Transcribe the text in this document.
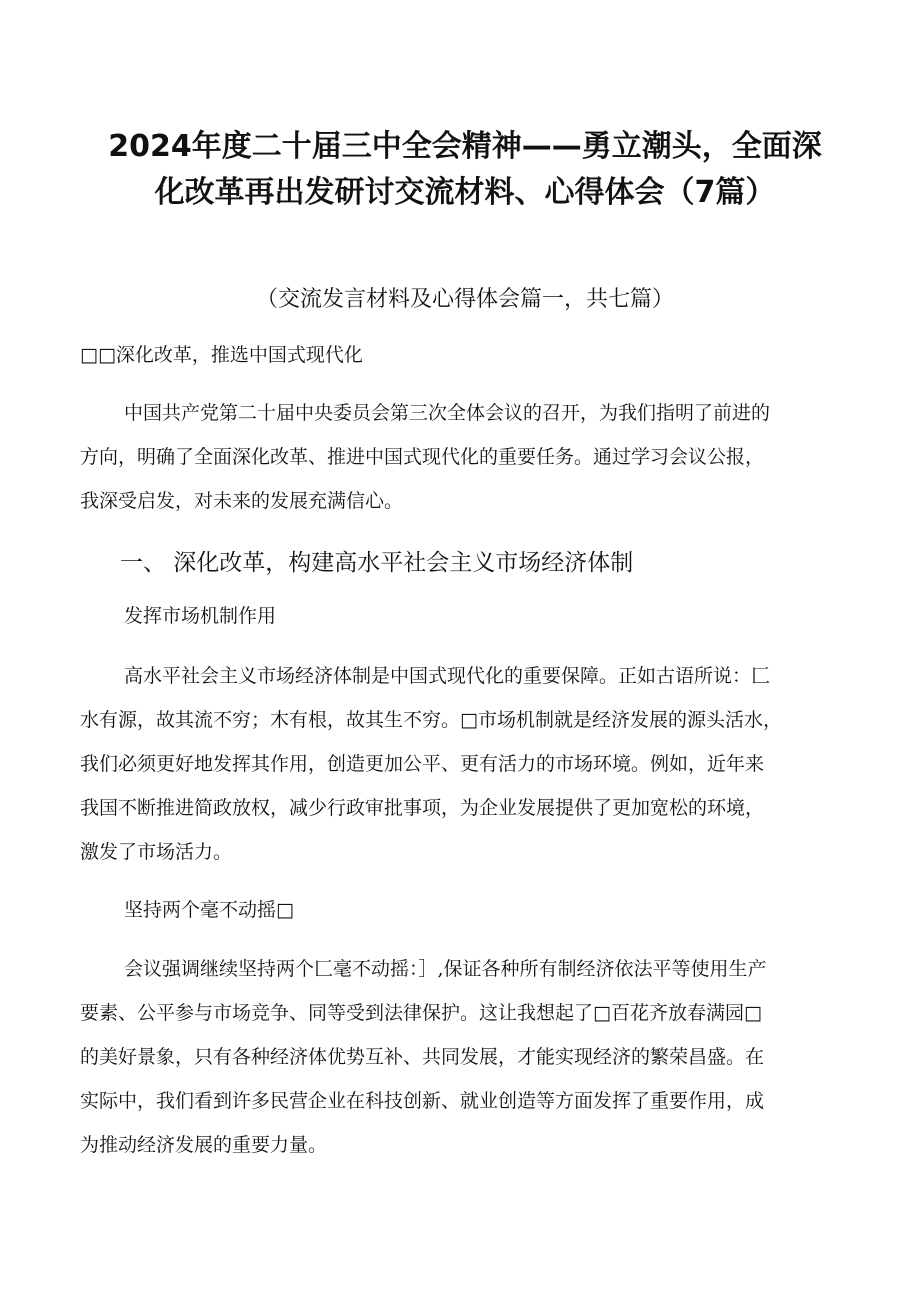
2024年度二十届三中全会精神——勇立潮头，全面深
化改革再出发研讨交流材料、心得体会（7篇）
（交流发言材料及心得体会篇一，共七篇）
□□深化改革，推选中国式现代化
中国共产党第二十届中央委员会第三次全体会议的召开，为我们指明了前进的
方向，明确了全面深化改革、推进中国式现代化的重要任务。通过学习会议公报，
我深受启发，对未来的发展充满信心。
一、 深化改革，构建高水平社会主义市场经济体制
发挥市场机制作用
高水平社会主义市场经济体制是中国式现代化的重要保障。正如古语所说：匚
水有源，故其流不穷；木有根，故其生不穷。□市场机制就是经济发展的源头活水，
我们必须更好地发挥其作用，创造更加公平、更有活力的市场环境。例如，近年来
我国不断推进简政放权，减少行政审批事项，为企业发展提供了更加宽松的环境，
激发了市场活力。
坚持两个毫不动摇□
会议强调继续坚持两个匚毫不动摇：］,保证各种所有制经济依法平等使用生产
要素、公平参与市场竞争、同等受到法律保护。这让我想起了□百花齐放春满园□
的美好景象，只有各种经济体优势互补、共同发展，才能实现经济的繁荣昌盛。在
实际中，我们看到许多民营企业在科技创新、就业创造等方面发挥了重要作用，成
为推动经济发展的重要力量。
